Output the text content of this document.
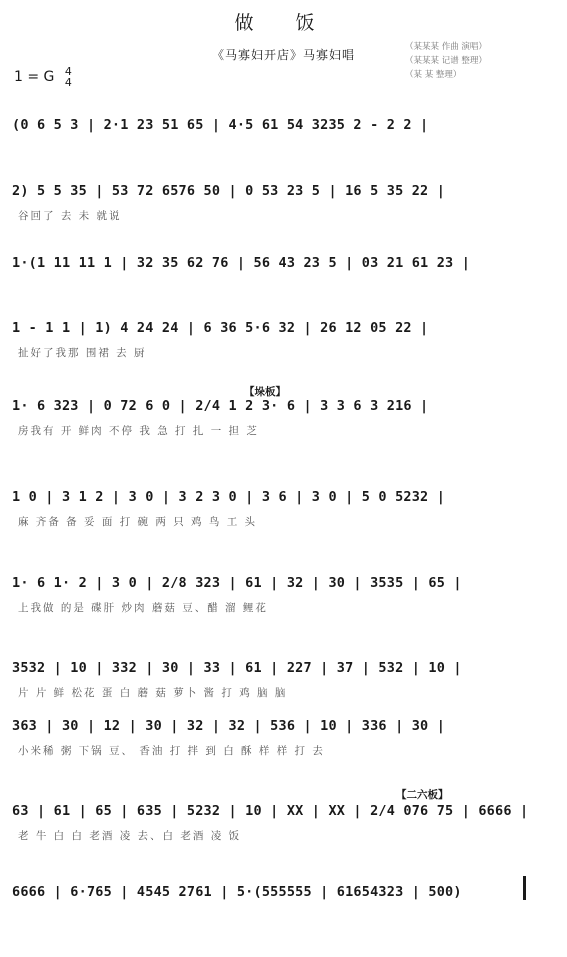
做 饭
《马寡妇开店》马寡妇唱
（某某某 作曲 演唱）
（某某某 记谱 整理）
（某 某 整理）
1 = G 4
4
(0 6 5 3 | 2·1 23 51 65 | 4·5 61 54 3235 2 - 2 2 |
2) 5 5 35 | 53 72 6576 50 | 0 53 23 5 | 16 5 35 22 |
谷回了 去 未 就说
1·(1 11 11 1 | 32 35 62 76 | 56 43 23 5 | 03 21 61 23 |
1 - 1 1 | 1) 4 24 24 | 6 36 5·6 32 | 26 12 05 22 |
扯好了我那 围裙 去 厨
1· 6 323 | 0 72 6 0 | 2/4 1 2 3· 6 | 3 3 6 3 216 |
房我有 开 鲜肉 不停 我 急 打 扎 一 担 芝
1 0 | 3 1 2 | 3 0 | 3 2 3 0 | 3 6 | 3 0 | 5 0 5232 |
麻 齐备 备 妥 面 打 碗 两 只 鸡 鸟 工 头
1· 6 1· 2 | 3 0 | 2/8 323 | 61 | 32 | 30 | 3535 | 65 |
上我做 的是 碟肝 炒肉 蘑菇 豆、醋 溜 鲤花
3532 | 10 | 332 | 30 | 33 | 61 | 227 | 37 | 532 | 10 |
片 片 鲜 松花 蛋 白 蘑 菇 萝卜 酱 打 鸡 脑 脑
363 | 30 | 12 | 30 | 32 | 32 | 536 | 10 | 336 | 30 |
小米稀 粥 下锅 豆、 香油 打 拌 到 白 酥 样 样 打 去
63 | 61 | 65 | 635 | 5232 | 10 | XX | XX | 2/4 076 75 | 6666 |
老 牛 白 白 老酒 凌 去、白 老酒 凌 饭
6666 | 6·765 | 4545 2761 | 5·(555555 | 61654323 | 500)
【垛板】
【二六板】
